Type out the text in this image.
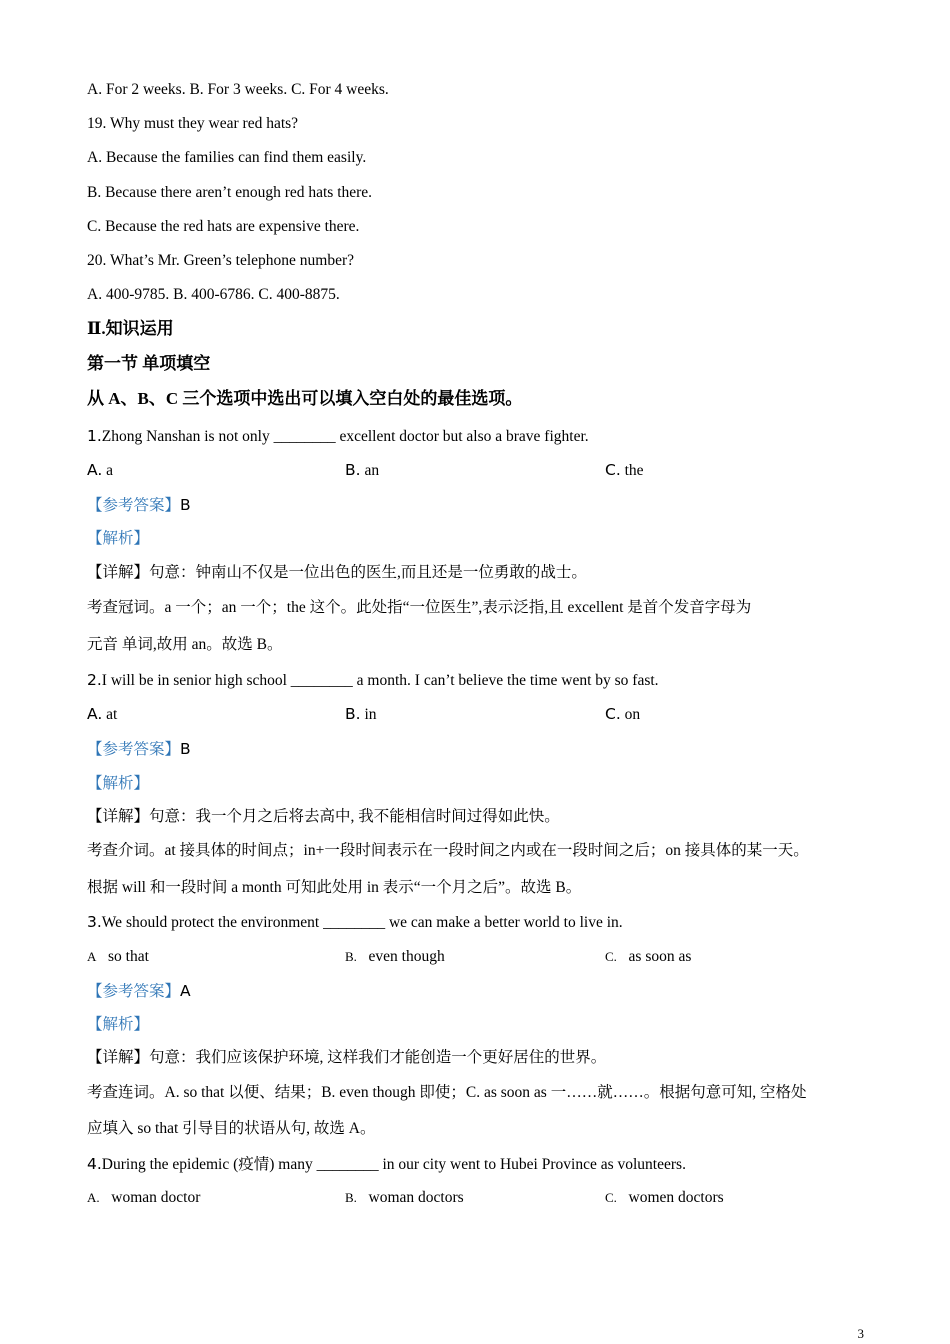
A. For 2 weeks. B. For 3 weeks. C. For 4 weeks.
19. Why must they wear red hats?
A. Because the families can find them easily.
B. Because there aren’t enough red hats there.
C. Because the red hats are expensive there.
20. What’s Mr. Green’s telephone number?
A. 400-9785. B. 400-6786. C. 400-8875.
Ⅱ.知识运用
第一节 单项填空
从 A、B、C 三个选项中选出可以填入空白处的最佳选项。
1.Zhong Nanshan is not only ________ excellent doctor but also a brave fighter.
A. a	B. an	C. the
【参考答案】B
【解析】
【详解】句意：钟南山不仅是一位出色的医生,而且还是一位勇敢的战士。
考查冠词。a 一个；an 一个；the 这个。此处指“一位医生”,表示泛指,且 excellent 是首个发音字母为
元音 单词,故用 an。故选 B。
2.I will be in senior high school ________ a month. I can’t believe the time went by so fast.
A. at	B. in	C. on
【参考答案】B
【解析】
【详解】句意：我一个月之后将去高中, 我不能相信时间过得如此快。
考查介词。at 接具体的时间点；in+一段时间表示在一段时间之内或在一段时间之后；on 接具体的某一天。
根据 will 和一段时间 a month 可知此处用 in 表示“一个月之后”。故选 B。
3.We should protect the environment ________ we can make a better world to live in.
A so that	B. even though	C. as soon as
【参考答案】A
【解析】
【详解】句意：我们应该保护环境, 这样我们才能创造一个更好居住的世界。
考查连词。A. so that 以便、结果；B. even though 即使；C. as soon as 一……就……。根据句意可知, 空格处
应填入 so that 引导目的状语从句, 故选 A。
4.During the epidemic (疫情) many ________ in our city went to Hubei Province as volunteers.
A. woman doctor	B. woman doctors	C. women doctors
3
